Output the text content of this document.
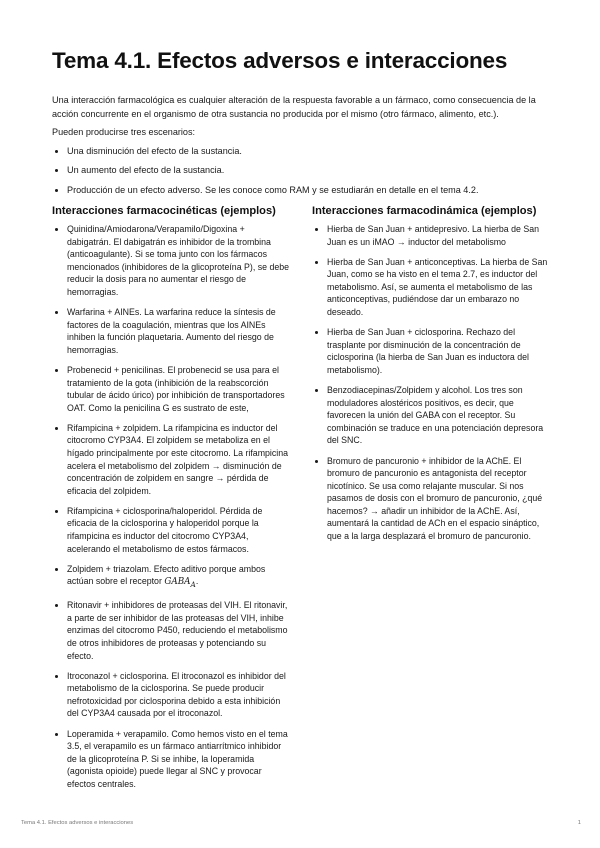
Tema 4.1. Efectos adversos e interacciones

Una interacción farmacológica es cualquier alteración de la respuesta favorable a un fármaco, como consecuencia de la acción concurrente en el organismo de otra sustancia no producida por el mismo (otro fármaco, alimento, etc.).

Pueden producirse tres escenarios:

• Una disminución del efecto de la sustancia.
• Un aumento del efecto de la sustancia.
• Producción de un efecto adverso. Se les conoce como RAM y se estudiarán en detalle en el tema 4.2.
Interacciones farmacocinéticas (ejemplos)
• Quinidina/Amiodarona/Verapamilo/Digoxina + dabigatrán. El dabigatrán es inhibidor de la trombina (anticoagulante). Si se toma junto con los fármacos mencionados (inhibidores de la glicoproteína P), se debe reducir la dosis para no aumentar el riesgo de hemorragias.
• Warfarina + AINEs. La warfarina reduce la síntesis de factores de la coagulación, mientras que los AINEs inhiben la función plaquetaria. Aumento del riesgo de hemorragias.
• Probenecid + penicilinas. El probenecid se usa para el tratamiento de la gota (inhibición de la reabscorción tubular de ácido úrico) por inhibición de transportadores OAT. Como la penicilina G es sustrato de este,
• Rifampicina + zolpidem. La rifampicina es inductor del citocromo CYP3A4. El zolpidem se metaboliza en el hígado principalmente por este citocromo. La rifampicina acelera el metabolismo del zolpidem → disminución de concentración de zolpidem en sangre → pérdida de eficacia del zolpidem.
• Rifampicina + ciclosporina/haloperidol. Pérdida de eficacia de la ciclosporina y haloperidol porque la rifampicina es inductor del citocromo CYP3A4, acelerando el metabolismo de estos fármacos.
• Zolpidem + triazolam. Efecto aditivo porque ambos actúan sobre el receptor $GABA_A$.
• Ritonavir + inhibidores de proteasas del VIH. El ritonavir, a parte de ser inhibidor de las proteasas del VIH, inhibe enzimas del citocromo P450, reduciendo el metabolismo de otros inhibidores de proteasas y potenciando su efecto.
• Itroconazol + ciclosporina. El itroconazol es inhibidor del metabolismo de la ciclosporina. Se puede producir nefrotoxicidad por ciclosporina debido a esta inhibición del CYP3A4 causada por el itroconazol.
• Loperamida + verapamilo. Como hemos visto en el tema 3.5, el verapamilo es un fármaco antiarrítmico inhibidor de la glicoproteína P. Si se inhibe, la loperamida (agonista opioide) puede llegar al SNC y provocar efectos centrales.
Interacciones farmacodinámica (ejemplos)
• Hierba de San Juan + antidepresivo. La hierba de San Juan es un iMAO → inductor del metabolismo
• Hierba de San Juan + anticonceptivas. La hierba de San Juan, como se ha visto en el tema 2.7, es inductor del metabolismo. Así, se aumenta el metabolismo de las anticonceptivas, pudiéndose dar un embarazo no deseado.
• Hierba de San Juan + ciclosporina. Rechazo del trasplante por disminución de la concentración de ciclosporina (la hierba de San Juan es inductora del metabolismo).
• Benzodiacepinas/Zolpidem y alcohol. Los tres son moduladores alostéricos positivos, es decir, que favorecen la unión del GABA con el receptor. Su combinación se traduce en una potenciación depresora del SNC.
• Bromuro de pancuronio + inhibidor de la AChE. El bromuro de pancuronio es antagonista del receptor nicotínico. Se usa como relajante muscular. Si nos pasamos de dosis con el bromuro de pancuronio, ¿qué hacemos? → añadir un inhibidor de la AChE. Así, aumentará la cantidad de ACh en el espacio sináptico, que a la larga desplazará el bromuro de pancuronio.
Tema 4.1. Efectos adversos e interacciones	1
